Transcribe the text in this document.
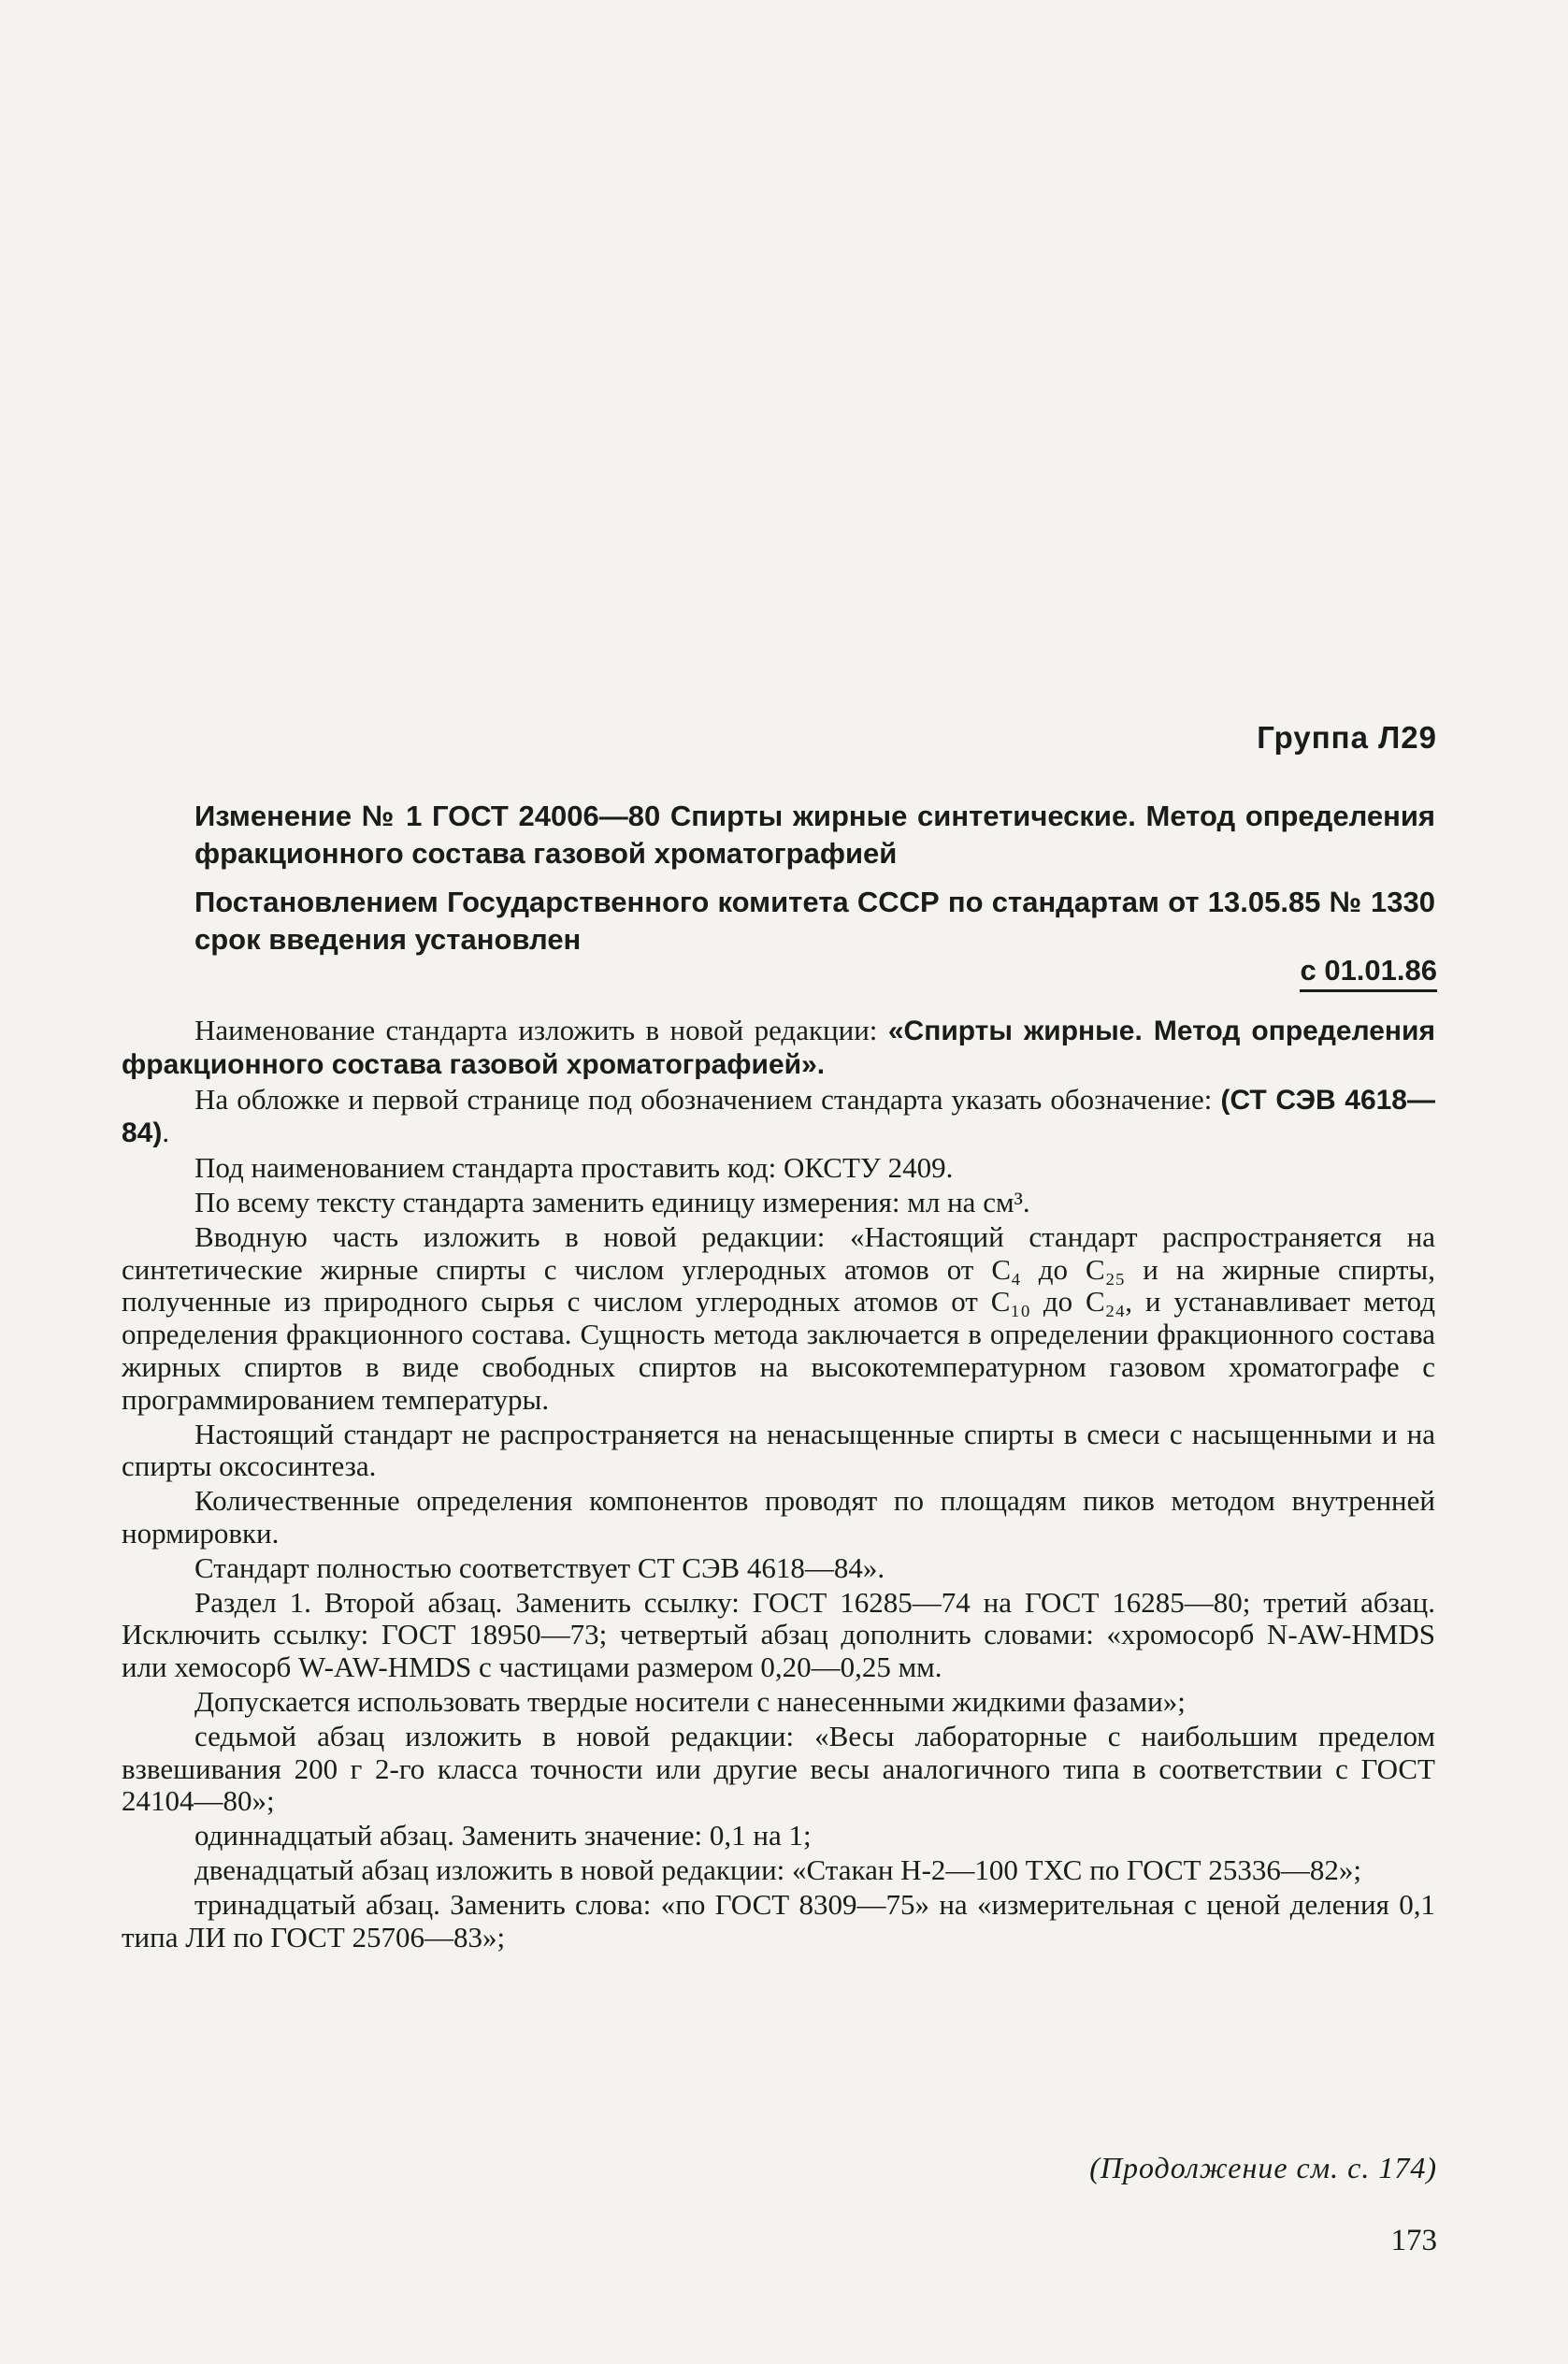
Группа Л29
Изменение № 1 ГОСТ 24006—80 Спирты жирные синтетические. Метод определения фракционного состава газовой хроматографией
Постановлением Государственного комитета СССР по стандартам от 13.05.85 № 1330 срок введения установлен
с 01.01.86

Наименование стандарта изложить в новой редакции: «Спирты жирные. Метод определения фракционного состава газовой хроматографией».

На обложке и первой странице под обозначением стандарта указать обозначение: (СТ СЭВ 4618—84).

Под наименованием стандарта проставить код: ОКСТУ 2409.

По всему тексту стандарта заменить единицу измерения: мл на см³.

Вводную часть изложить в новой редакции: «Настоящий стандарт распространяется на синтетические жирные спирты с числом углеродных атомов от C₄ до C₂₅ и на жирные спирты, полученные из природного сырья с числом углеродных атомов от C₁₀ до C₂₄, и устанавливает метод определения фракционного состава. Сущность метода заключается в определении фракционного состава жирных спиртов в виде свободных спиртов на высокотемпературном газовом хроматографе с программированием температуры.

Настоящий стандарт не распространяется на ненасыщенные спирты в смеси с насыщенными и на спирты оксосинтеза.

Количественные определения компонентов проводят по площадям пиков методом внутренней нормировки.

Стандарт полностью соответствует СТ СЭВ 4618—84».

Раздел 1. Второй абзац. Заменить ссылку: ГОСТ 16285—74 на ГОСТ 16285—80; третий абзац. Исключить ссылку: ГОСТ 18950—73; четвертый абзац дополнить словами: «хромосорб N-AW-HMDS или хемосорб W-AW-HMDS с частицами размером 0,20—0,25 мм.

Допускается использовать твердые носители с нанесенными жидкими фазами»;

седьмой абзац изложить в новой редакции: «Весы лабораторные с наибольшим пределом взвешивания 200 г 2-го класса точности или другие весы аналогичного типа в соответствии с ГОСТ 24104—80»;

одиннадцатый абзац. Заменить значение: 0,1 на 1;

двенадцатый абзац изложить в новой редакции: «Стакан Н-2—100 ТХС по ГОСТ 25336—82»;

тринадцатый абзац. Заменить слова: «по ГОСТ 8309—75» на «измерительная с ценой деления 0,1 типа ЛИ по ГОСТ 25706—83»;

(Продолжение см. с. 174)
173
